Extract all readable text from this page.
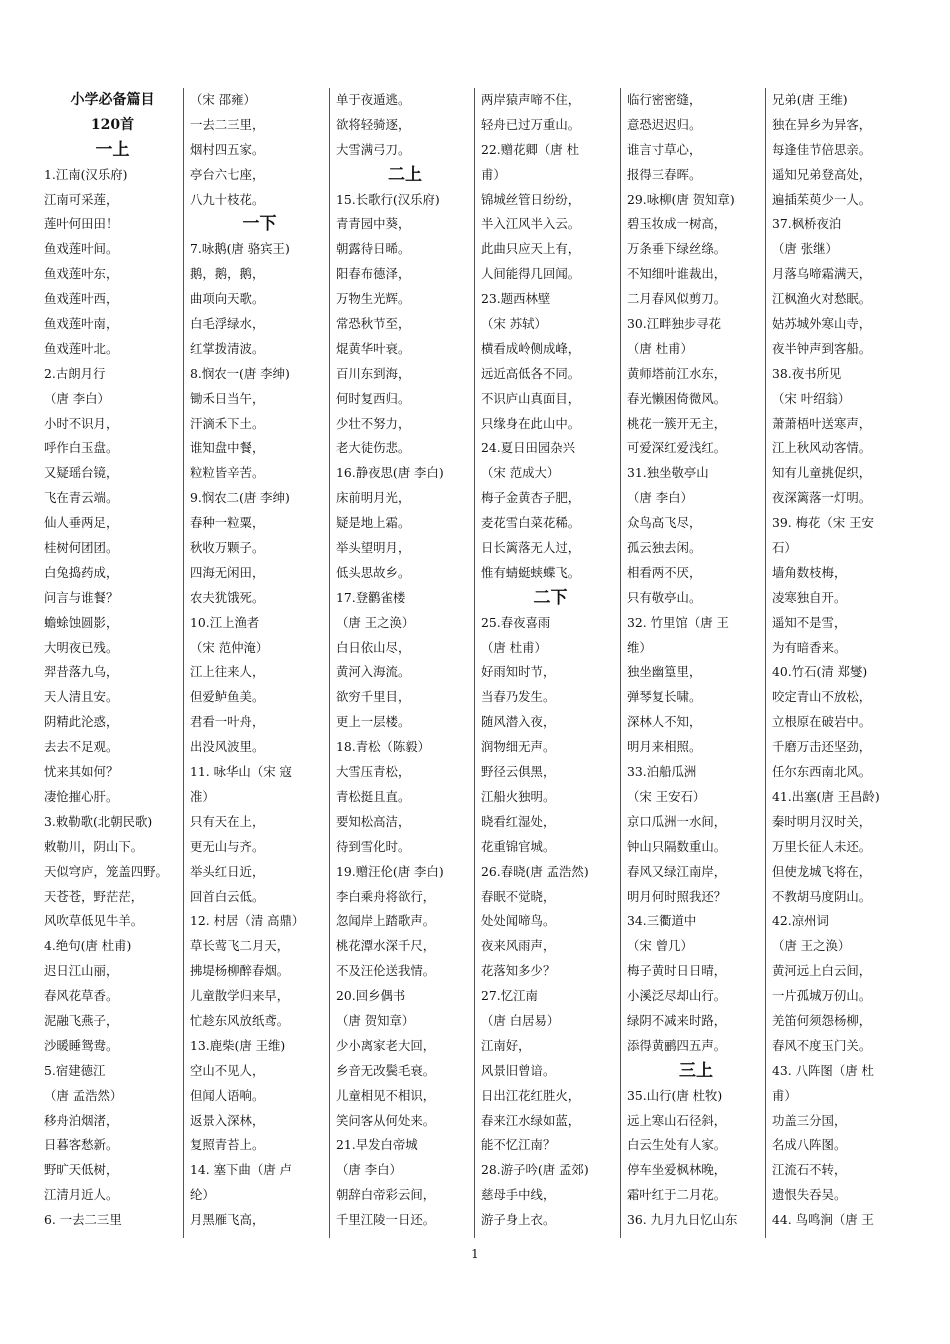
小学必备篇目
120首
一上
1.江南(汉乐府)
江南可采莲，
莲叶何田田！
鱼戏莲叶间。
鱼戏莲叶东，
鱼戏莲叶西，
鱼戏莲叶南，
鱼戏莲叶北。
2.古朗月行
（唐 李白）
小时不识月，
呼作白玉盘。
又疑瑶台镜，
飞在青云端。
仙人垂两足，
桂树何团团。
白兔捣药成，
问言与谁餐？
蟾蜍蚀圆影，
大明夜已残。
羿昔落九乌，
天人清且安。
阴精此沦惑，
去去不足观。
忧来其如何？
凄怆摧心肝。
3.敕勒歌(北朝民歌)
敕勒川，阴山下。
天似穹庐，笼盖四野。
天苍苍，野茫茫，
风吹草低见牛羊。
4.绝句(唐 杜甫)
迟日江山丽，
春风花草香。
泥融飞燕子，
沙暖睡鸳鸯。
5.宿建德江
（唐 孟浩然）
移舟泊烟渚，
日暮客愁新。
野旷天低树，
江清月近人。
6. 一去二三里
（宋 邵雍）
一去二三里，
烟村四五家。
亭台六七座，
八九十枝花。
一下
7.咏鹅(唐 骆宾王)
鹅，鹅，鹅，
曲项向天歌。
白毛浮绿水，
红掌拨清波。
8.悯农一(唐 李绅)
锄禾日当午，
汗滴禾下土。
谁知盘中餐，
粒粒皆辛苦。
9.悯农二(唐 李绅)
春种一粒粟，
秋收万颗子。
四海无闲田，
农夫犹饿死。
10.江上渔者
（宋 范仲淹）
江上往来人，
但爱鲈鱼美。
君看一叶舟，
出没风波里。
11. 咏华山（宋 寇
准）
只有天在上，
更无山与齐。
举头红日近，
回首白云低。
12. 村居（清 高鼎）
草长莺飞二月天，
拂堤杨柳醉春烟。
儿童散学归来早，
忙趁东风放纸鸢。
13.鹿柴(唐 王维)
空山不见人，
但闻人语响。
返景入深林，
复照青苔上。
14. 塞下曲（唐 卢
纶）
月黑雁飞高，
单于夜遁逃。
欲将轻骑逐，
大雪满弓刀。
二上
15.长歌行(汉乐府)
青青园中葵，
朝露待日晞。
阳春布德泽，
万物生光辉。
常恐秋节至，
焜黄华叶衰。
百川东到海，
何时复西归。
少壮不努力，
老大徒伤悲。
16.静夜思(唐 李白)
床前明月光，
疑是地上霜。
举头望明月，
低头思故乡。
17.登鹳雀楼
（唐 王之涣）
白日依山尽，
黄河入海流。
欲穷千里目，
更上一层楼。
18.青松（陈毅）
大雪压青松，
青松挺且直。
要知松高洁，
待到雪化时。
19.赠汪伦(唐 李白)
李白乘舟将欲行，
忽闻岸上踏歌声。
桃花潭水深千尺，
不及汪伦送我情。
20.回乡偶书
（唐 贺知章）
少小离家老大回，
乡音无改鬓毛衰。
儿童相见不相识，
笑问客从何处来。
21.早发白帝城
（唐 李白）
朝辞白帝彩云间，
千里江陵一日还。
两岸猿声啼不住，
轻舟已过万重山。
22.赠花卿（唐 杜
甫）
锦城丝管日纷纷，
半入江风半入云。
此曲只应天上有，
人间能得几回闻。
23.题西林壁
（宋 苏轼）
横看成岭侧成峰，
远近高低各不同。
不识庐山真面目，
只缘身在此山中。
24.夏日田园杂兴
（宋 范成大）
梅子金黄杏子肥，
麦花雪白菜花稀。
日长篱落无人过，
惟有蜻蜓蛱蝶飞。
二下
25.春夜喜雨
（唐 杜甫）
好雨知时节，
当春乃发生。
随风潜入夜，
润物细无声。
野径云俱黑，
江船火独明。
晓看红湿处，
花重锦官城。
26.春晓(唐 孟浩然)
春眠不觉晓，
处处闻啼鸟。
夜来风雨声，
花落知多少？
27.忆江南
（唐 白居易）
江南好，
风景旧曾谙。
日出江花红胜火，
春来江水绿如蓝，
能不忆江南？
28.游子吟(唐 孟郊)
慈母手中线，
游子身上衣。
临行密密缝，
意恐迟迟归。
谁言寸草心，
报得三春晖。
29.咏柳(唐 贺知章)
碧玉妆成一树高，
万条垂下绿丝绦。
不知细叶谁裁出，
二月春风似剪刀。
30.江畔独步寻花
（唐 杜甫）
黄师塔前江水东，
春光懒困倚微风。
桃花一簇开无主，
可爱深红爱浅红。
31.独坐敬亭山
（唐 李白）
众鸟高飞尽，
孤云独去闲。
相看两不厌，
只有敬亭山。
32. 竹里馆（唐 王
维）
独坐幽篁里，
弹琴复长啸。
深林人不知，
明月来相照。
33.泊船瓜洲
（宋 王安石）
京口瓜洲一水间，
钟山只隔数重山。
春风又绿江南岸，
明月何时照我还？
34.三衢道中
（宋 曾几）
梅子黄时日日晴，
小溪泛尽却山行。
绿阴不减来时路，
添得黄鹂四五声。
三上
35.山行(唐 杜牧)
远上寒山石径斜，
白云生处有人家。
停车坐爱枫林晚，
霜叶红于二月花。
36. 九月九日忆山东
兄弟(唐 王维)
独在异乡为异客，
每逢佳节倍思亲。
遥知兄弟登高处，
遍插茱萸少一人。
37.枫桥夜泊
（唐 张继）
月落乌啼霜满天，
江枫渔火对愁眠。
姑苏城外寒山寺，
夜半钟声到客船。
38.夜书所见
（宋 叶绍翁）
萧萧梧叶送寒声，
江上秋风动客情。
知有儿童挑促织，
夜深篱落一灯明。
39. 梅花（宋 王安
石）
墙角数枝梅，
凌寒独自开。
遥知不是雪，
为有暗香来。
40.竹石(清 郑燮)
咬定青山不放松，
立根原在破岩中。
千磨万击还坚劲，
任尔东西南北风。
41.出塞(唐 王昌龄)
秦时明月汉时关，
万里长征人未还。
但使龙城飞将在，
不教胡马度阴山。
42.凉州词
（唐 王之涣）
黄河远上白云间，
一片孤城万仞山。
羌笛何须怨杨柳，
春风不度玉门关。
43. 八阵图（唐 杜
甫）
功盖三分国，
名成八阵图。
江流石不转，
遗恨失吞吴。
44. 鸟鸣涧（唐 王
1
